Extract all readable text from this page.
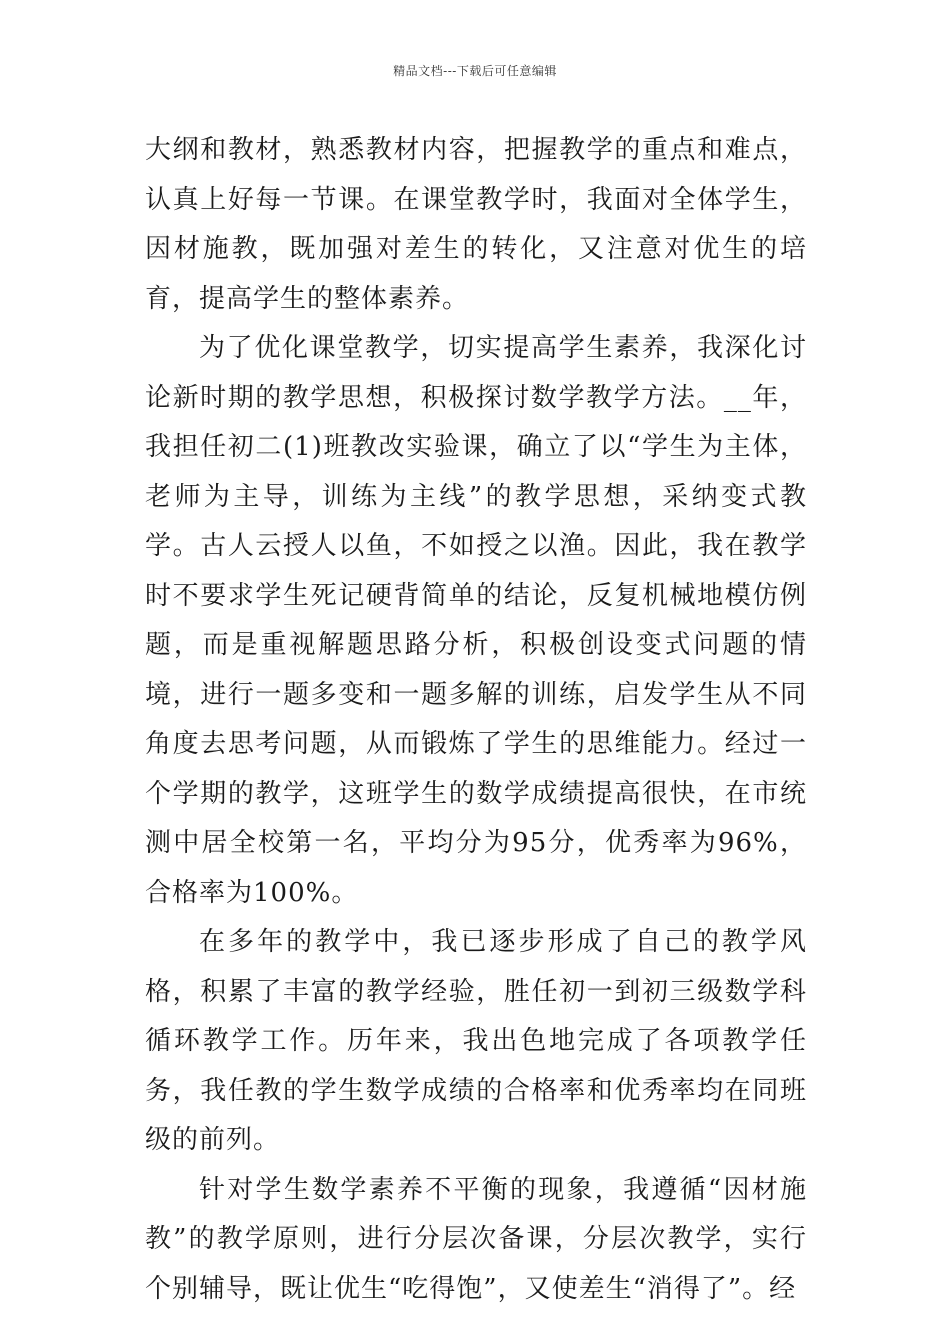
精品文档---下载后可任意编辑

大纲和教材，熟悉教材内容，把握教学的重点和难点，认真上好每一节课。在课堂教学时，我面对全体学生，因材施教，既加强对差生的转化，又注意对优生的培育，提高学生的整体素养。

为了优化课堂教学，切实提高学生素养，我深化讨论新时期的教学思想，积极探讨数学教学方法。__年，我担任初二(1)班教改实验课，确立了以“学生为主体，老师为主导，训练为主线”的教学思想，采纳变式教学。古人云授人以鱼，不如授之以渔。因此，我在教学时不要求学生死记硬背简单的结论，反复机械地模仿例题，而是重视解题思路分析，积极创设变式问题的情境，进行一题多变和一题多解的训练，启发学生从不同角度去思考问题，从而锻炼了学生的思维能力。经过一个学期的教学，这班学生的数学成绩提高很快，在市统测中居全校第一名，平均分为95分，优秀率为96%，合格率为100%。

在多年的教学中，我已逐步形成了自己的教学风格，积累了丰富的教学经验，胜任初一到初三级数学科循环教学工作。历年来，我出色地完成了各项教学任务，我任教的学生数学成绩的合格率和优秀率均在同班级的前列。

针对学生数学素养不平衡的现象，我遵循“因材施教”的教学原则，进行分层次备课，分层次教学，实行个别辅导，既让优生“吃得饱”，又使差生“消得了”。经
